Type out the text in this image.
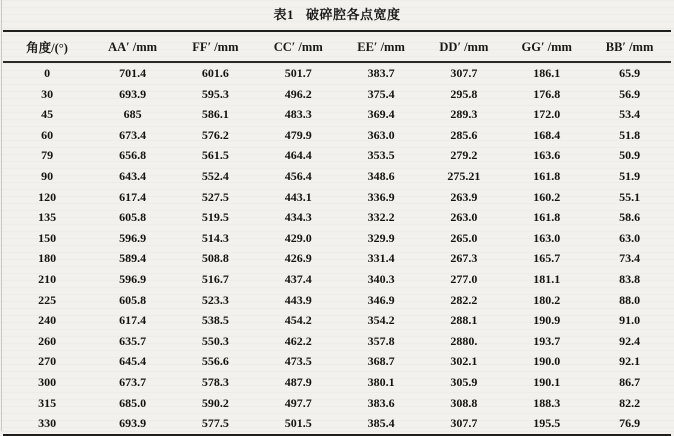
表1 破碎腔各点宽度
角度/(°)	AA′ /mm	FF′ /mm	CC′ /mm	EE′ /mm	DD′ /mm	GG′ /mm	BB′ /mm
0	701.4	601.6	501.7	383.7	307.7	186.1	65.9
30	693.9	595.3	496.2	375.4	295.8	176.8	56.9
45	685	586.1	483.3	369.4	289.3	172.0	53.4
60	673.4	576.2	479.9	363.0	285.6	168.4	51.8
79	656.8	561.5	464.4	353.5	279.2	163.6	50.9
90	643.4	552.4	456.4	348.6	275.21	161.8	51.9
120	617.4	527.5	443.1	336.9	263.9	160.2	55.1
135	605.8	519.5	434.3	332.2	263.0	161.8	58.6
150	596.9	514.3	429.0	329.9	265.0	163.0	63.0
180	589.4	508.8	426.9	331.4	267.3	165.7	73.4
210	596.9	516.7	437.4	340.3	277.0	181.1	83.8
225	605.8	523.3	443.9	346.9	282.2	180.2	88.0
240	617.4	538.5	454.2	354.2	288.1	190.9	91.0
260	635.7	550.3	462.2	357.8	2880.	193.7	92.4
270	645.4	556.6	473.5	368.7	302.1	190.0	92.1
300	673.7	578.3	487.9	380.1	305.9	190.1	86.7
315	685.0	590.2	497.7	383.6	308.8	188.3	82.2
330	693.9	577.5	501.5	385.4	307.7	195.5	76.9
